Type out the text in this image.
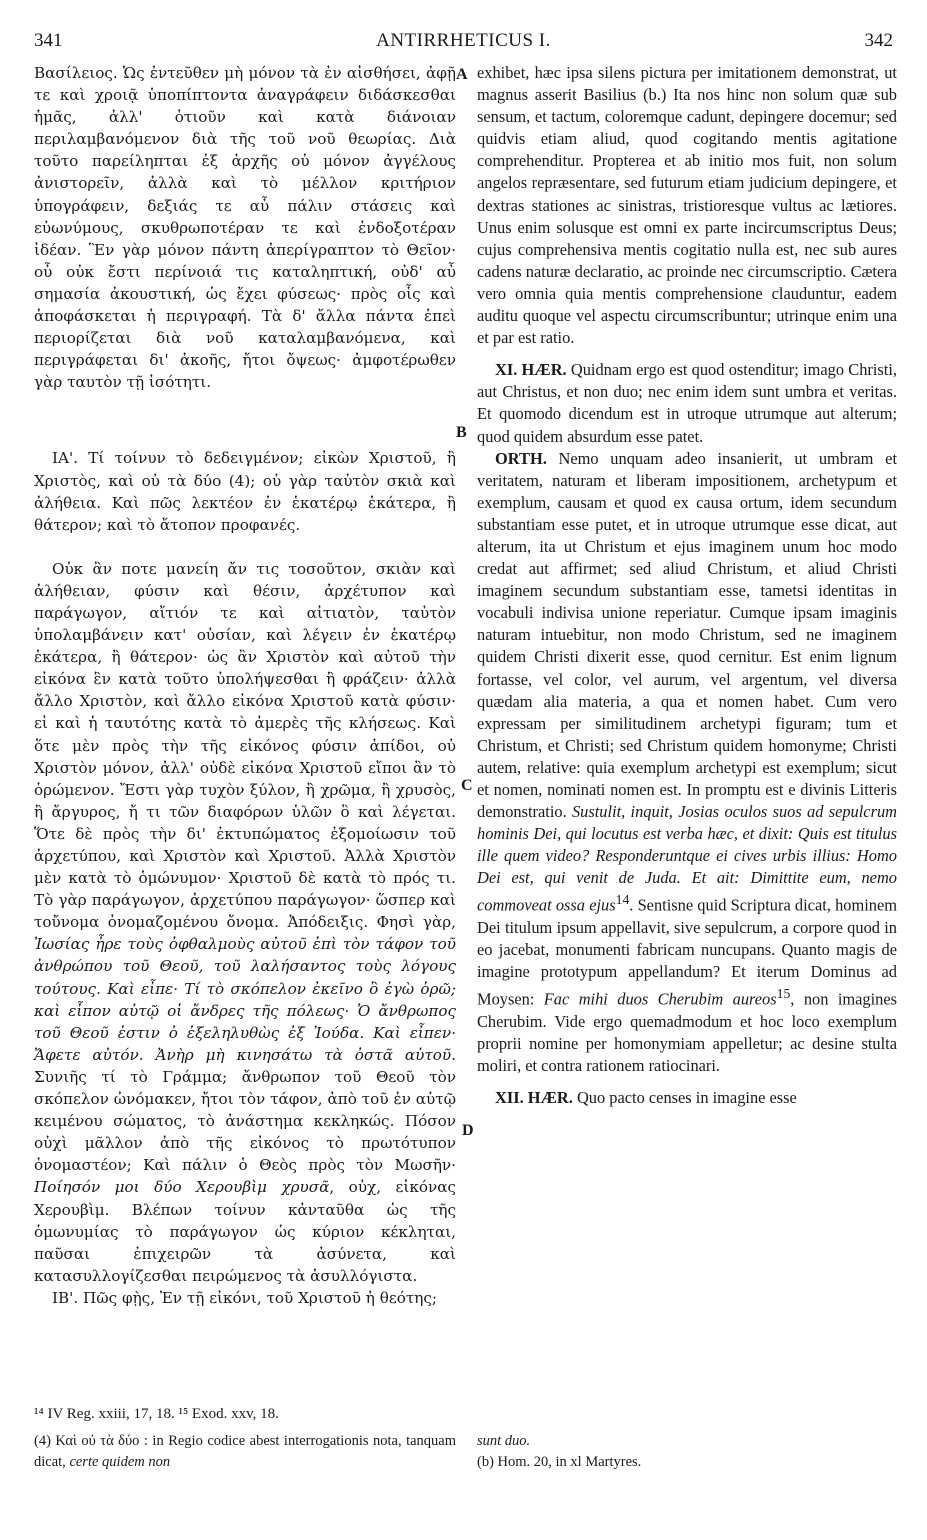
ANTIRRHETICUS I.
341	342
A
B
C
D

Βασίλειος. Ὡς ἐντεῦθεν μὴ μόνον τὰ ἐν αἰσθήσει, ἀφῇ τε καὶ χροιᾷ ὑποπίπτοντα ἀναγράφειν διδάσκεσθαι ἡμᾶς, ἀλλ' ὁτιοῦν καὶ κατὰ διάνοιαν περιλαμβανόμενον διὰ τῆς τοῦ νοῦ θεωρίας. Διὰ τοῦτο παρείληπται ἐξ ἀρχῆς οὐ μόνον ἀγγέλους ἀνιστορεῖν, ἀλλὰ καὶ τὸ μέλλον κριτήριον ὑπογράφειν, δεξιάς τε αὖ πάλιν στάσεις καὶ εὐωνύμους, σκυθρωποτέραν τε καὶ ἐνδοξοτέραν ἰδέαν. Ἓν γὰρ μόνον πάντη ἀπερίγραπτον τὸ Θεῖον· οὗ οὐκ ἔστι περίνοιά τις καταληπτική, οὐδ' αὖ σημασία ἀκουστική, ὡς ἔχει φύσεως· πρὸς οἷς καὶ ἀποφάσκεται ἡ περιγραφή. Τὰ δ' ἄλλα πάντα ἐπεὶ περιορίζεται διὰ νοῦ καταλαμβανόμενα, καὶ περιγράφεται δι' ἀκοῆς, ἤτοι ὄψεως· ἀμφοτέρωθεν γὰρ ταυτὸν τῇ ἰσότητι.

ΙΑ'. Τί τοίνυν τὸ δεδειγμένον; εἰκὼν Χριστοῦ, ἢ Χριστὸς, καὶ οὐ τὰ δύο (4); οὐ γὰρ ταὐτὸν σκιὰ καὶ ἀλήθεια. Καὶ πῶς λεκτέον ἐν ἑκατέρῳ ἑκάτερα, ἢ θάτερον; καὶ τὸ ἄτοπον προφανές.

Οὐκ ἂν ποτε μανείη ἄν τις τοσοῦτον, σκιὰν καὶ ἀλήθειαν, φύσιν καὶ θέσιν, ἀρχέτυπον καὶ παράγωγον, αἴτιόν τε καὶ αἰτιατὸν, ταὐτὸν ὑπολαμβάνειν κατ' οὐσίαν, καὶ λέγειν ἐν ἑκατέρῳ ἑκάτερα, ἢ θάτερον· ὡς ἂν Χριστὸν καὶ αὐτοῦ τὴν εἰκόνα ἓν κατὰ τοῦτο ὑπολήψεσθαι ἢ φράζειν· ἀλλὰ ἄλλο Χριστὸν, καὶ ἄλλο εἰκόνα Χριστοῦ κατὰ φύσιν· εἰ καὶ ἡ ταυτότης κατὰ τὸ ἀμερὲς τῆς κλήσεως. Καὶ ὅτε μὲν πρὸς τὴν τῆς εἰκόνος φύσιν ἀπίδοι, οὐ Χριστὸν μόνον, ἀλλ' οὐδὲ εἰκόνα Χριστοῦ εἴποι ἂν τὸ ὁρώμενον. Ἔστι γὰρ τυχὸν ξύλον, ἢ χρῶμα, ἢ χρυσὸς, ἢ ἄργυρος, ἤ τι τῶν διαφόρων ὑλῶν ὃ καὶ λέγεται. Ὅτε δὲ πρὸς τὴν δι' ἐκτυπώματος ἐξομοίωσιν τοῦ ἀρχετύπου, καὶ Χριστὸν καὶ Χριστοῦ. Ἀλλὰ Χριστὸν μὲν κατὰ τὸ ὁμώνυμον· Χριστοῦ δὲ κατὰ τὸ πρός τι. Τὸ γὰρ παράγωγον, ἀρχετύπου παράγωγον· ὥσπερ καὶ τοὔνομα ὀνομαζομένου ὄνομα. Ἀπόδειξις. Φησὶ γὰρ, Ἰωσίας ἦρε τοὺς ὀφθαλμοὺς αὐτοῦ ἐπὶ τὸν τάφον τοῦ ἀνθρώπου τοῦ Θεοῦ, τοῦ λαλήσαντος τοὺς λόγους τούτους. Καὶ εἶπε· Τί τὸ σκόπελον ἐκεῖνο ὃ ἐγὼ ὁρῶ; καὶ εἶπον αὐτῷ οἱ ἄνδρες τῆς πόλεως· Ὁ ἄνθρωπος τοῦ Θεοῦ ἐστιν ὁ ἐξεληλυθὼς ἐξ Ἰούδα. Καὶ εἶπεν· Ἄφετε αὐτόν. Ἀνὴρ μὴ κινησάτω τὰ ὀστᾶ αὐτοῦ. Συνιῆς τί τὸ Γράμμα; ἄνθρωπον τοῦ Θεοῦ τὸν σκόπελον ὠνόμακεν, ἤτοι τὸν τάφον, ἀπὸ τοῦ ἐν αὐτῷ κειμένου σώματος, τὸ ἀνάστημα κεκληκώς. Πόσον οὐχὶ μᾶλλον ἀπὸ τῆς εἰκόνος τὸ πρωτότυπον ὀνομαστέον; Καὶ πάλιν ὁ Θεὸς πρὸς τὸν Μωσῆν· Ποίησόν μοι δύο Χερουβὶμ χρυσᾶ, οὐχ, εἰκόνας Χερουβὶμ. Βλέπων τοίνυν κἀνταῦθα ὡς τῆς ὁμωνυμίας τὸ παράγωγον ὡς κύριον κέκληται, παῦσαι ἐπιχειρῶν τὰ ἀσύνετα, καὶ κατασυλλογίζεσθαι πειρώμενος τὰ ἀσυλλόγιστα.

ΙΒ'. Πῶς φῂς, Ἐν τῇ εἰκόνι, τοῦ Χριστοῦ ἡ θεότης;

exhibet, hæc ipsa silens pictura per imitationem demonstrat, ut magnus asserit Basilius (b.) Ita nos hinc non solum quæ sub sensum, et tactum, coloremque cadunt, depingere docemur; sed quidvis etiam aliud, quod cogitando mentis agitatione comprehenditur. Propterea et ab initio mos fuit, non solum angelos repræsentare, sed futurum etiam judicium depingere, et dextras stationes ac sinistras, tristioresque vultus ac lætiores. Unus enim solusque est omni ex parte incircumscriptus Deus; cujus comprehensiva mentis cogitatio nulla est, nec sub aures cadens naturæ declaratio, ac proinde nec circumscriptio. Cætera vero omnia quia mentis comprehensione clauduntur, eadem auditu quoque vel aspectu circumscribuntur; utrinque enim una et par est ratio.

XI. HÆR. Quidnam ergo est quod ostenditur; imago Christi, aut Christus, et non duo; nec enim idem sunt umbra et veritas. Et quomodo dicendum est in utroque utrumque aut alterum; quod quidem absurdum esse patet.

ORTH. Nemo unquam adeo insanierit, ut umbram et veritatem, naturam et liberam impositionem, archetypum et exemplum, causam et quod ex causa ortum, idem secundum substantiam esse putet, et in utroque utrumque esse dicat, aut alterum, ita ut Christum et ejus imaginem unum hoc modo credat aut affirmet; sed aliud Christum, et aliud Christi imaginem secundum substantiam esse, tametsi identitas in vocabuli indivisa unione reperiatur. Cumque ipsam imaginis naturam intuebitur, non modo Christum, sed ne imaginem quidem Christi dixerit esse, quod cernitur. Est enim lignum fortasse, vel color, vel aurum, vel argentum, vel diversa quædam alia materia, a qua et nomen habet. Cum vero expressam per similitudinem archetypi figuram; tum et Christum, et Christi; sed Christum quidem homonyme; Christi autem, relative: quia exemplum archetypi est exemplum; sicut et nomen, nominati nomen est. In promptu est e divinis Litteris demonstratio. Sustulit, inquit, Josias oculos suos ad sepulcrum hominis Dei, qui locutus est verba hæc, et dixit: Quis est titulus ille quem video? Responderuntque ei cives urbis illius: Homo Dei est, qui venit de Juda. Et ait: Dimittite eum, nemo commoveat ossa ejus$^{14}$. Sentisne quid Scriptura dicat, hominem Dei titulum ipsum appellavit, sive sepulcrum, a corpore quod in eo jacebat, monumenti fabricam nuncupans. Quanto magis de imagine prototypum appellandum? Et iterum Dominus ad Moysen: Fac mihi duos Cherubim aureos$^{15}$, non imagines Cherubim. Vide ergo quemadmodum et hoc loco exemplum proprii nomine per homonymiam appelletur; ac desine stulta moliri, et contra rationem ratiocinari.

XII. HÆR. Quo pacto censes in imagine esse

¹⁴ IV Reg. xxiii, 17, 18. ¹⁵ Exod. xxv, 18.

(4) Καὶ οὐ τὰ δύο : in Regio codice abest interrogationis nota, tanquam dicat, certe quidem non

sunt duo.

(b) Hom. 20, in xl Martyres.
